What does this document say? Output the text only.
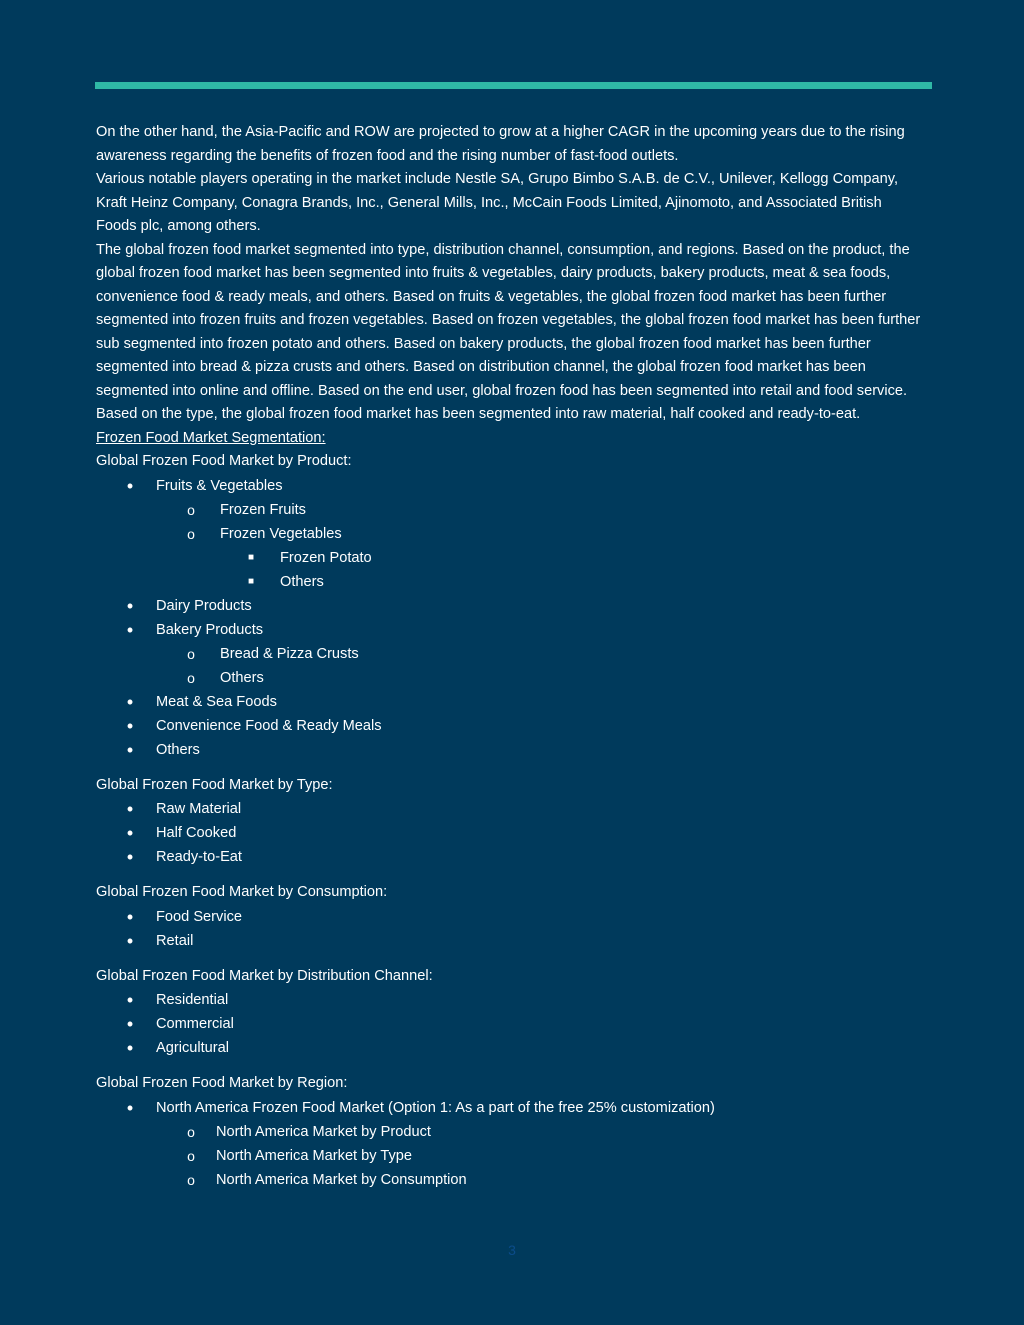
On the other hand, the Asia-Pacific and ROW are projected to grow at a higher CAGR in the upcoming years due to the rising awareness regarding the benefits of frozen food and the rising number of fast-food outlets.

Various notable players operating in the market include Nestle SA, Grupo Bimbo S.A.B. de C.V., Unilever, Kellogg Company, Kraft Heinz Company, Conagra Brands, Inc., General Mills, Inc., McCain Foods Limited, Ajinomoto, and Associated British Foods plc, among others.

The global frozen food market segmented into type, distribution channel, consumption, and regions. Based on the product, the global frozen food market has been segmented into fruits & vegetables, dairy products, bakery products, meat & sea foods, convenience food & ready meals, and others. Based on fruits & vegetables, the global frozen food market has been further segmented into frozen fruits and frozen vegetables. Based on frozen vegetables, the global frozen food market has been further sub segmented into frozen potato and others. Based on bakery products, the global frozen food market has been further segmented into bread & pizza crusts and others. Based on distribution channel, the global frozen food market has been segmented into online and offline. Based on the end user, global frozen food has been segmented into retail and food service. Based on the type, the global frozen food market has been segmented into raw material, half cooked and ready-to-eat.

Frozen Food Market Segmentation:

Global Frozen Food Market by Product:

• Fruits & Vegetables
o Frozen Fruits
o Frozen Vegetables
■ Frozen Potato
■ Others
• Dairy Products
• Bakery Products
o Bread & Pizza Crusts
o Others
• Meat & Sea Foods
• Convenience Food & Ready Meals
• Others

Global Frozen Food Market by Type:

• Raw Material
• Half Cooked
• Ready-to-Eat

Global Frozen Food Market by Consumption:

• Food Service
• Retail

Global Frozen Food Market by Distribution Channel:

• Residential
• Commercial
• Agricultural

Global Frozen Food Market by Region:

• North America Frozen Food Market (Option 1: As a part of the free 25% customization)
o North America Market by Product
o North America Market by Type
o North America Market by Consumption
3
